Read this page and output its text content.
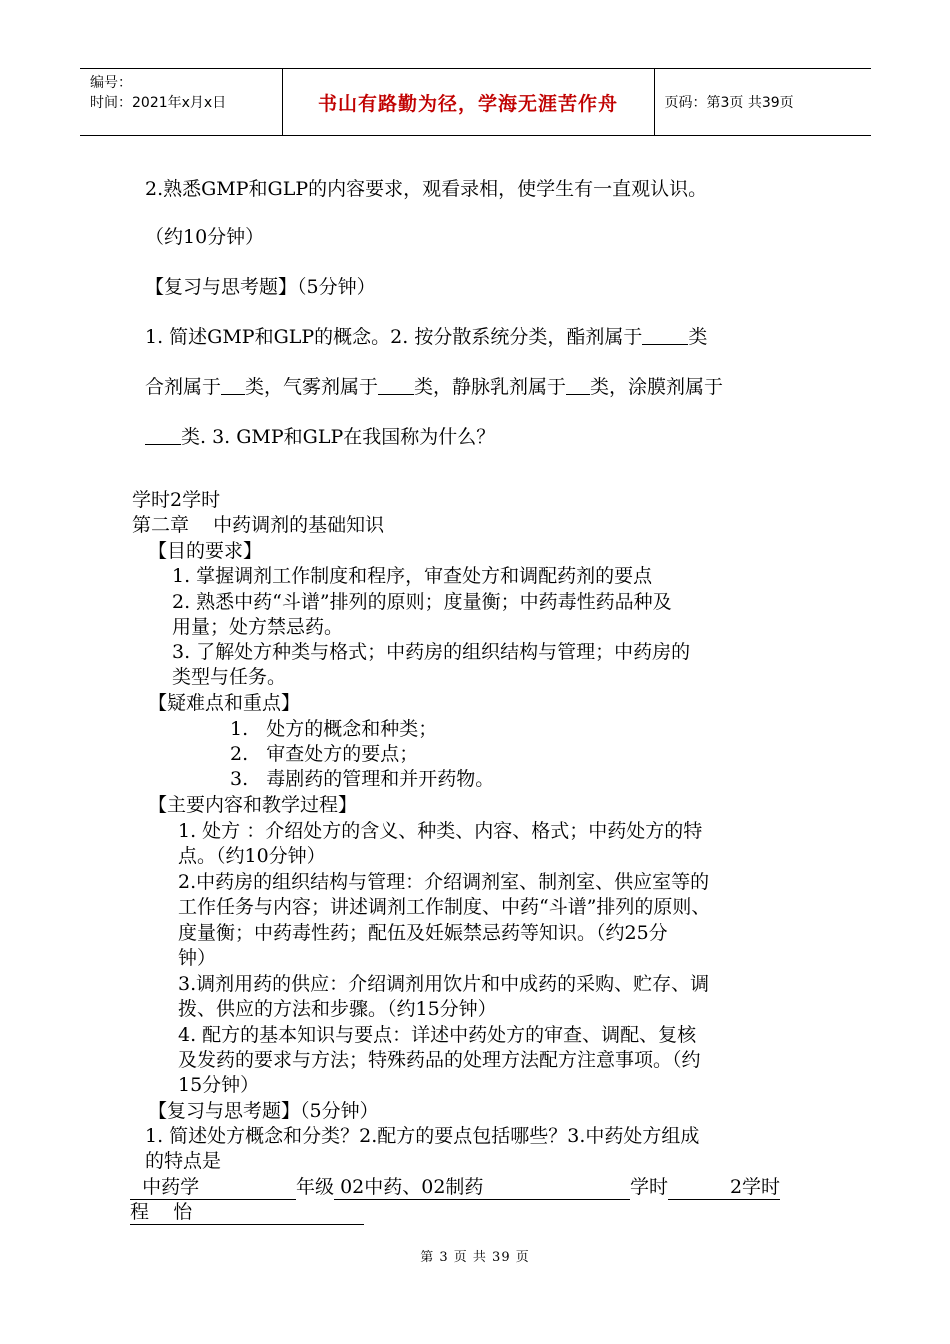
编号：
时间：2021年x月x日	书山有路勤为径，学海无涯苦作舟	页码：第3页 共39页
2.熟悉GMP和GLP的内容要求，观看录相，使学生有一直观认识。
（约10分钟）
【复习与思考题】（5分钟）
1. 简述GMP和GLP的概念。2. 按分散系统分类，酯剂属于 类
合剂属于 类，气雾剂属于 类，静脉乳剂属于 类，涂膜剂属于
类. 3. GMP和GLP在我国称为什么？
学时2学时
第二章    中药调剂的基础知识
【目的要求】
1. 掌握调剂工作制度和程序，审查处方和调配药剂的要点
2. 熟悉中药“斗谱”排列的原则；度量衡；中药毒性药品种及
用量；处方禁忌药。
3. 了解处方种类与格式；中药房的组织结构与管理；中药房的
类型与任务。
【疑难点和重点】
1.   处方的概念和种类；
2.   审查处方的要点；
3.   毒剧药的管理和并开药物。
【主要内容和教学过程】
1. 处方 ：介绍处方的含义、种类、内容、格式；中药处方的特
点。（约10分钟）
2.中药房的组织结构与管理：介绍调剂室、制剂室、供应室等的
工作任务与内容；讲述调剂工作制度、中药“斗谱”排列的原则、
度量衡；中药毒性药；配伍及妊娠禁忌药等知识。（约25分
钟）
3.调剂用药的供应：介绍调剂用饮片和中成药的采购、贮存、调
拨、供应的方法和步骤。（约15分钟）
4. 配方的基本知识与要点：详述中药处方的审查、调配、复核
及发药的要求与方法；特殊药品的处理方法配方注意事项。（约
15分钟）
【复习与思考题】（5分钟）
1. 简述处方概念和分类？2.配方的要点包括哪些？3.中药处方组成
的特点是
中药学	年级 02中药、02制药	学时	2学时
程 怡
第 3 页 共 39 页
